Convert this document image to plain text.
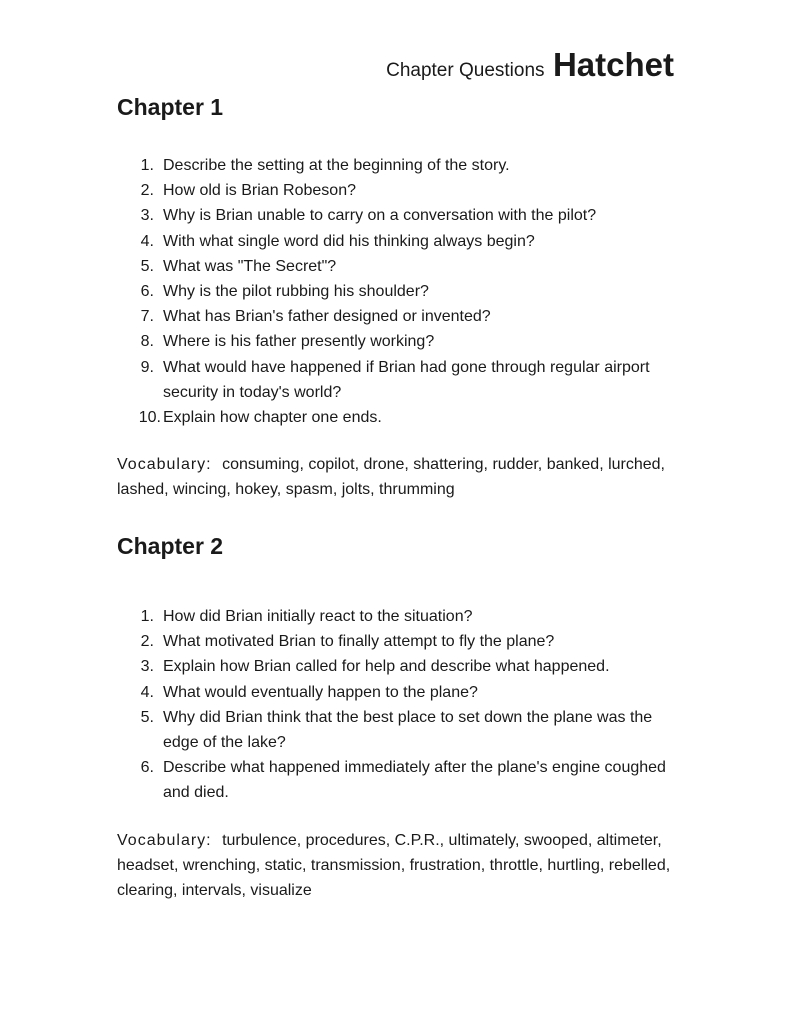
Chapter Questions Hatchet
Chapter 1
1. Describe the setting at the beginning of the story.
2. How old is Brian Robeson?
3. Why is Brian unable to carry on a conversation with the pilot?
4. With what single word did his thinking always begin?
5. What was "The Secret"?
6. Why is the pilot rubbing his shoulder?
7. What has Brian's father designed or invented?
8. Where is his father presently working?
9. What would have happened if Brian had gone through regular airport security in today's world?
10. Explain how chapter one ends.

Vocabulary: consuming, copilot, drone, shattering, rudder, banked, lurched, lashed, wincing, hokey, spasm, jolts, thrumming

Chapter 2
1. How did Brian initially react to the situation?
2. What motivated Brian to finally attempt to fly the plane?
3. Explain how Brian called for help and describe what happened.
4. What would eventually happen to the plane?
5. Why did Brian think that the best place to set down the plane was the edge of the lake?
6. Describe what happened immediately after the plane's engine coughed and died.

Vocabulary: turbulence, procedures, C.P.R., ultimately, swooped, altimeter, headset, wrenching, static, transmission, frustration, throttle, hurtling, rebelled, clearing, intervals, visualize
